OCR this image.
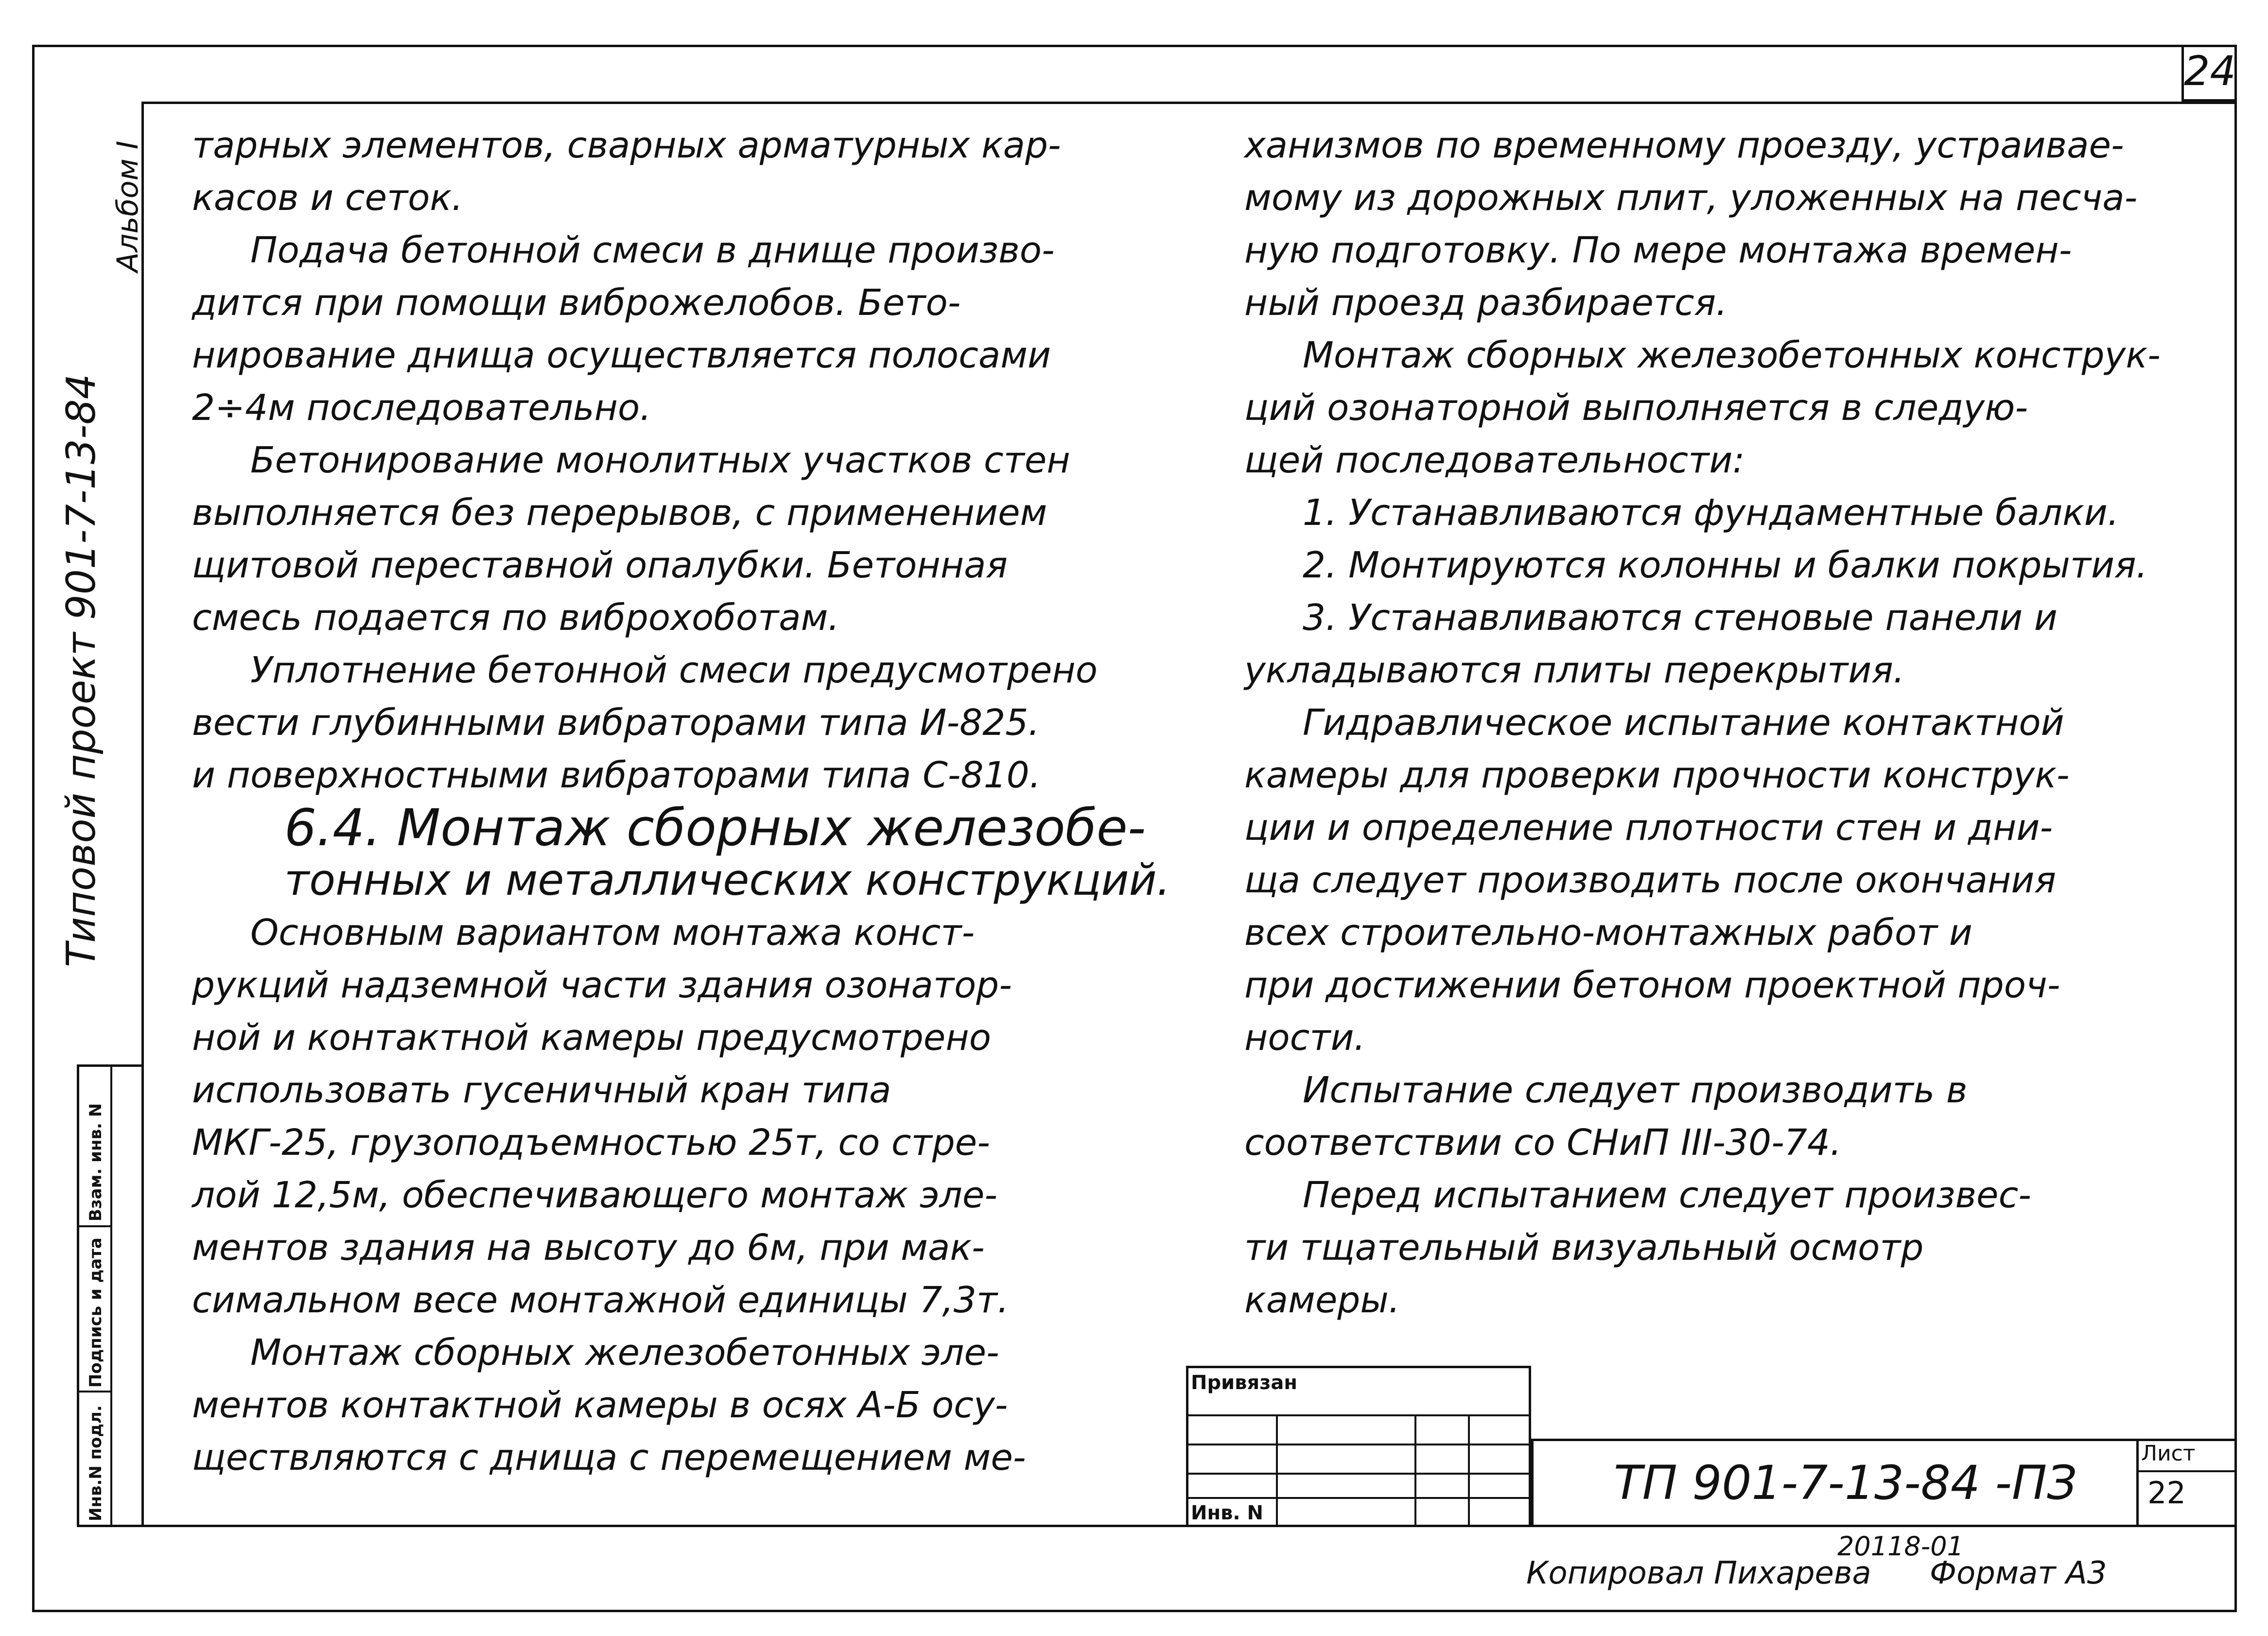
24
Типовой проект 901-7-13-84
Альбом I
Взам. инв. N
Подпись и дата
Инв.N подл.

тарных элементов, сварных арматурных кар-

касов и сеток.

Подача бетонной смеси в днище произво-

дится при помощи виброжелобов. Бето-

нирование днища осуществляется полосами

2÷4м последовательно.

Бетонирование монолитных участков стен

выполняется без перерывов, с применением

щитовой переставной опалубки. Бетонная

смесь подается по виброхоботам.

Уплотнение бетонной смеси предусмотрено

вести глубинными вибраторами типа И-825.

и поверхностными вибраторами типа С-810.

6.4. Монтаж сборных железобе-

тонных и металлических конструкций.

Основным вариантом монтажа конст-

рукций надземной части здания озонатор-

ной и контактной камеры предусмотрено

использовать гусеничный кран типа

МКГ-25, грузоподъемностью 25т, со стре-

лой 12,5м, обеспечивающего монтаж эле-

ментов здания на высоту до 6м, при мак-

симальном весе монтажной единицы 7,3т.

Монтаж сборных железобетонных эле-

ментов контактной камеры в осях А-Б осу-

ществляются с днища с перемещением ме-

ханизмов по временному проезду, устраивае-

мому из дорожных плит, уложенных на песча-

ную подготовку. По мере монтажа времен-

ный проезд разбирается.

Монтаж сборных железобетонных конструк-

ций озонаторной выполняется в следую-

щей последовательности:

1. Устанавливаются фундаментные балки.

2. Монтируются колонны и балки покрытия.

3. Устанавливаются стеновые панели и

укладываются плиты перекрытия.

Гидравлическое испытание контактной

камеры для проверки прочности конструк-

ции и определение плотности стен и дни-

ща следует производить после окончания

всех строительно-монтажных работ и

при достижении бетоном проектной проч-

ности.

Испытание следует производить в

соответствии со СНиП III-30-74.

Перед испытанием следует произвес-

ти тщательный визуальный осмотр

камеры.

Привязан
Инв. N
ТП 901-7-13-84 -ПЗ
Лист
22
20118-01
Копировал Пихарева Формат А3
